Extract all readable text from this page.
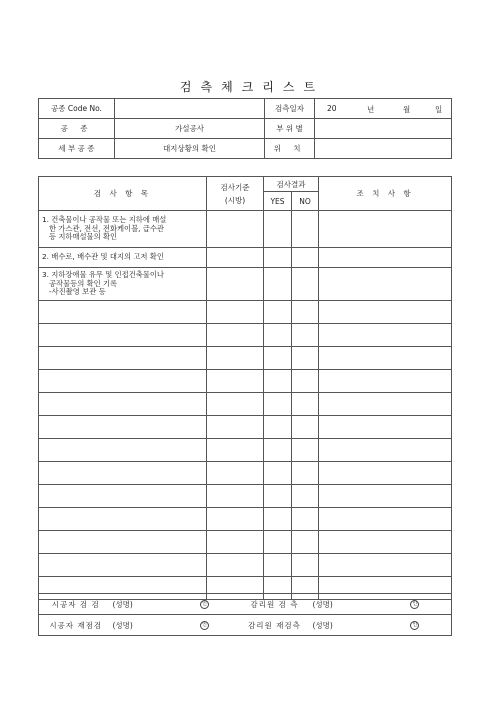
검측체크리스트
공종 Code No.		검측일자	20 년 월 일

공 종	가설공사	부 위 별	
세 부 공 종	대지상황의 확인	위 치	
검 사 항 목	검사기준
(시방)	검사결과		조 치 사 항
		YES	NO	

1. 건축물이나 공작물 또는 지하에 매설
한 가스관, 전선, 전화케이블, 급수관
등 지하매설물의 확인				

2. 배수로, 배수관 및 대지의 고저 확인				

3. 지하장애물 유무 및 인접건축물이나
공작물등의 확인 기록
-사진촬영 보관 등				

시공자 검 검	(성명)	인	감리원 검 측	(성명)	인
시공자 재점검	(성명)	인	감리원 재검측	(성명)	인
